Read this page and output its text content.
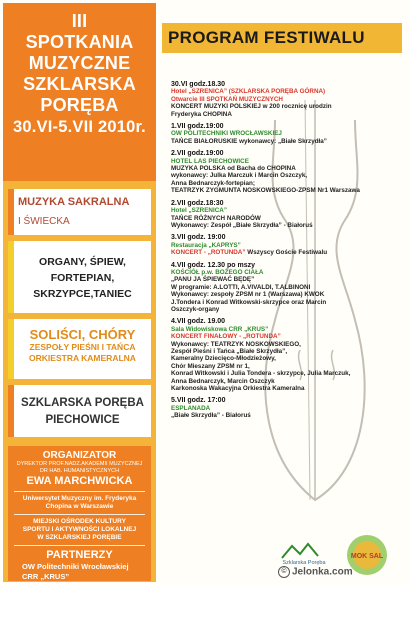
III
SPOTKANIA
MUZYCZNE
SZKLARSKA
PORĘBA
30.VI-5.VII 2010r.
MUZYKA SAKRALNA
I ŚWIECKA
ORGANY, ŚPIEW,
FORTEPIAN,
SKRZYPCE,TANIEC
SOLIŚCI, CHÓRY
ZESPOŁY PIEŚNI I TAŃCA
ORKIESTRA KAMERALNA
SZKLARSKA PORĘBA
PIECHOWICE
ORGANIZATOR
DYREKTOR PROF.NADZ.AKADEMII MUZYCZNEJ
DR HAB. HUMANISTYCZNYCH
EWA MARCHWICKA
Uniwersytet Muzyczny im. Fryderyka
Chopina w Warszawie
MIEJSKI OŚRODEK KULTURY
SPORTU I AKTYWNOŚCI LOKALNEJ
W SZKLARSKIEJ PORĘBIE
PARTNERZY
OW Politechniki Wrocławskiej
CRR „KRUS”
Hotel „LAS”
OW „SIŁA”
Hotel „SZRENICA”
Kościół p.w. BOŻEGO CIAŁA
Restauracja „KAPRYS”
PROGRAM FESTIWALU
30.VI godz.18.30
Hotel „SZRENICA” (SZKLARSKA PORĘBA GÓRNA)
Otwarcie III SPOTKAŃ MUZYCZNYCH
KONCERT MUZYKI POLSKIEJ w 200 rocznicę urodzin
Fryderyka CHOPINA
1.VII godz.19:00
OW POLITECHNIKI WROCŁAWSKIEJ
TAŃCE BIAŁORUSKIE wykonawcy: „Białe Skrzydła”
2.VII godz.19:00
HOTEL LAS PIECHOWICE
MUZYKA POLSKA od Bacha do CHOPINA
wykonawcy: Julka Marczuk i Marcin Oszczyk,
Anna Bednarczyk-fortepian;
TEATRZYK ZYGMUNTA NOSKOWSKIEGO-ZPSM Nr1 Warszawa
2.VII godz.18:30
Hotel „SZRENICA”
TAŃCE RÓŻNYCH NARODÓW
Wykonawcy: Zespół „Białe Skrzydła” - Białoruś
3.VII godz. 19:00
Restauracja „KAPRYS”
KONCERT - „ROTUNDA” Wszyscy Goście Festiwalu
4.VII godz. 12.30 po mszy
KOŚCIÓŁ p.w. BOŻEGO CIAŁA
„PANU JA ŚPIEWAĆ BĘDĘ”
W programie: A.LOTTI, A.VIVALDI, T.ALBINONI
Wykonawcy: zespoły ZPSM nr 1 (Warszawa) KWOK
J.Tondera i Konrad Witkowski-skrzypce oraz Marcin
Oszczyk-organy
4.VII godz. 19.00
Sala Widowiskowa CRR „KRUS”
KONCERT FINAŁOWY - „ROTUNDA”
Wykonawcy: TEATRZYK NOSKOWSKIEGO,
Zespół Pieśni i Tańca „Białe Skrzydła”,
Kameralny Dziecięco-Młodzieżowy,
Chór Mieszany ZPSM nr 1,
Konrad Witkowski i Julia Tondera - skrzypce, Julia Marczuk,
Anna Bednarczyk, Marcin Oszczyk
Karkonoska Wakacyjna Orkiestra Kameralna
5.VII godz. 17:00
ESPLANADA
„Białe Skrzydła” - Białoruś
Szklarska Poręba
MOK SAL
© Jelonka.com
